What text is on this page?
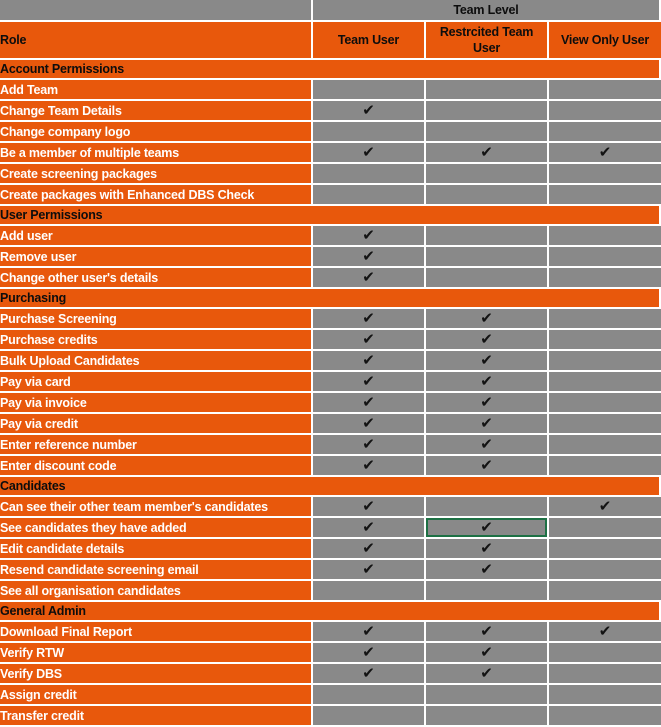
	Team Level		
Role	Team User	Restrcited Team User	View Only User
Account Permissions			
Add Team			
Change Team Details	✔		
Change company logo			
Be a member of multiple teams	✔	✔	✔
Create screening packages			
Create packages with Enhanced DBS Check			
User Permissions			
Add user	✔		
Remove user	✔		
Change other user's details	✔		
Purchasing			
Purchase Screening	✔	✔	
Purchase credits	✔	✔	
Bulk Upload Candidates	✔	✔	
Pay via card	✔	✔	
Pay via invoice	✔	✔	
Pay via credit	✔	✔	
Enter reference number	✔	✔	
Enter discount code	✔	✔	
Candidates			
Can see their other team member's candidates	✔		✔
See candidates they have added	✔	✔	
Edit candidate details	✔	✔	
Resend candidate screening email	✔	✔	
See all organisation candidates			
General Admin			
Download Final Report	✔	✔	✔
Verify RTW	✔	✔	
Verify DBS	✔	✔	
Assign credit			
Transfer credit			
